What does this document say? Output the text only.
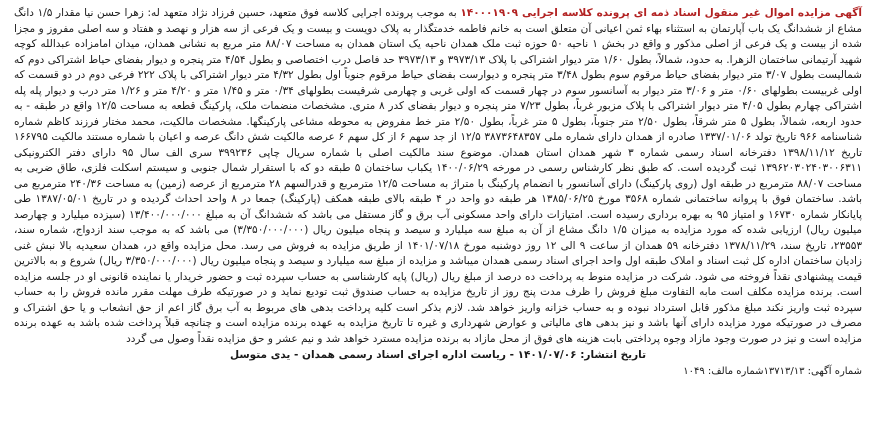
آگهی مزایده اموال غیر منقول اسناد ذمه ای پرونده کلاسه اجرایی ۱۴۰۰۰۱۹۰۹ به موجب پرونده اجرایی کلاسه فوق متعهد، حسین فرزاد نژاد متعهد له: زهرا حسن نیا مقدار ۱/۵ دانگ مشاع از ششدانگ یک باب آپارتمان به استثناء بهاء ثمن اعیانی آن متعلق است به خانم فاطمه خدمتگذار به پلاک دویست و بیست و یک فرعی از سه هزار و نهصد و هفتاد و سه اصلی مفروز و مجزا شده از بیست و یک فرعی از اصلی مذکور و واقع در بخش ۱ ناحیه ۵۰ حوزه ثبت ملک همدان ناحیه یک استان همدان به مساحت ۸۸/۰۷ متر مربع به نشانی همدان، میدان امامزاده عبدالله کوچه شهید آرتیمانی ساختمان الزهرا. به حدود، شمالاً، بطول ۱/۶۰ متر دیوار اشتراکی با پلاک ۳۹۷۳/۱۳ و ۳۹۷۳/۱۳ حد فاصل درب اختصاصی و بطول ۴/۵۴ متر پنجره و دیوار بفضای حیاط اشتراکی دوم که شمالیست بطول ۳/۰۷ متر دیوار بفضای حیاط مرقوم سوم بطول ۳/۴۸ متر پنجره و دیوارست بفضای حیاط مرقوم جنوباً اول بطول ۴/۳۲ متر دیوار اشتراکی با پلاک ۲۲۲ فرعی دوم در دو قسمت که اولی غربیست بطولهای ۰/۶۰ متر و ۳/۰۶ متر دیوار به آسانسور سوم در چهار قسمت که اولی غربی و چهارمی شرقیست بطولهای ۰/۳۴ متر و ۱/۴۵ متر و ۴/۲۰ متر و ۱/۲۶ متر درب و دیوار پله پله اشتراکی چهارم بطول ۴/۰۵ متر دیوار اشتراکی با پلاک مزبور غرباً، بطول ۷/۲۳ متر پنجره و دیوار بفضای کدر ۸ متری. مشخصات منضمات ملک، پارکینگ قطعه به مساحت ۱۲/۵ واقع در طبقه - به حدود اربعه، شمالاً، بطول ۵ متر شرقاً، بطول ۲/۵۰ متر جنوباً، بطول ۵ متر غرباً، بطول ۲/۵۰ متر خط مفروض به محوطه مشاعی پارکینگها. مشخصات مالکیت، محمد مختار فرزند کاظم شماره شناسنامه ۹۶۶ تاریخ تولد ۱۳۳۷/۰۱/۰۶ صادره از همدان دارای شماره ملی ۳۸۷۳۶۴۸۳۵۷ ۱۲/۵ از جد سهم ۶ از کل سهم ۶ عرصه مالکیت شش دانگ عرصه و اعیان با شماره مستند مالکیت ۱۶۶۷۹۵ تاریخ ۱۳۹۸/۱۱/۱۲ دفترخانه اسناد رسمی شماره ۳ شهر همدان استان همدان. موضوع سند مالکیت اصلی با شماره سریال چاپی ۳۹۹۲۳۶ سری الف سال ۹۵ دارای دفتر الکترونیکی ۱۳۹۶۲۰۳۰۲۴۰۳۰۰۶۳۱۱ ثبت گردیده است. که طبق نظر کارشناس رسمی در مورخه ۱۴۰۰/۰۶/۲۹ یکباب ساختمان ۵ طبقه دو که با استقرار شمال جنوبی و سیستم اسکلت فلزی، طاق ضربی به مساحت ۸۸/۰۷ مترمربع در طبقه اول (روی پارکینگ) دارای آسانسور با انضمام پارکینگ با متراژ به مساحت ۱۲/۵ مترمربع و قدرالسهم ۲۸ مترمربع از عرصه (زمین) به مساحت ۲۴۰/۳۶ مترمربع می باشد. ساختمان فوق با پروانه ساختمانی شماره ۳۵۶۸ مورخ ۱۳۸۵/۰۶/۲۵ هر طبقه دو واحد در ۴ طبقه بالای طبقه همکف (پارکینگ) جمعا در ۸ واحد احداث گردیده و در تاریخ ۱۳۸۷/۰۵/۰۱ طی پایانکار شماره ۱۶۷۳۰ و امتیاز ۹۵ به بهره برداری رسیده است. امتیازات دارای واحد مسکونی آب برق و گاز مستقل می باشد که ششدانگ آن به مبلغ ۱۳/۴۰۰/۰۰۰/۰۰۰ (سیزده میلیارد و چهارصد میلیون ریال) ارزیابی شده که مورد مزایده به میزان ۱/۵ دانگ مشاع از آن به مبلغ سه میلیارد و سیصد و پنجاه میلیون ریال (۳/۳۵۰/۰۰۰/۰۰۰) می باشد که به موجب سند ازدواج، شماره سند، ۲۳۵۵۳، تاریخ سند، ۱۳۷۸/۱۱/۲۹ دفترخانه ۵۹ همدان از ساعت ۹ الی ۱۲ روز دوشنبه مورخ ۱۴۰۱/۰۷/۱۸ از طریق مزایده به فروش می رسد. محل مزایده واقع در، همدان سعیدیه بالا نبش غنی زادیان ساختمان اداره کل ثبت اسناد و املاک طبقه اول واحد اجرای اسناد رسمی همدان میباشد و مزایده از مبلغ سه میلیارد و سیصد و پنجاه میلیون ریال (۳/۳۵۰/۰۰۰/۰۰۰ ریال) شروع و به بالاترین قیمت پیشنهادی نقداً فروخته می شود. شرکت در مزایده منوط به پرداخت ده درصد از مبلغ ریال (ریال) پایه کارشناسی به حساب سپرده ثبت و حضور خریدار یا نماینده قانونی او در جلسه مزایده است. برنده مزایده مکلف است مابه التفاوت مبلغ فروش را ظرف مدت پنج روز از تاریخ مزایده به حساب صندوق ثبت تودیع نماید و در صورتیکه طرف مهلت مقرر مانده فروش را به حساب سپرده ثبت واریز نکند مبلغ مذکور قابل استرداد نبوده و به حساب خزانه واریز خواهد شد. لازم بذکر است کلیه پرداخت بدهی های مربوط به آب برق گاز اعم از حق انشعاب و یا حق اشتراک و مصرف در صورتیکه مورد مزایده دارای آنها باشد و نیز بدهی های مالیاتی و عوارض شهرداری و غیره تا تاریخ مزایده به عهده برنده مزایده است و چنانچه قبلاً پرداخت شده باشد به عهده برنده مزایده است و نیز در صورت وجود مازاد وجوه پرداختی بابت هزینه های فوق از محل مازاد به برنده مزایده مسترد خواهد شد و نیم عشر و حق مزایده نقداً وصول می گردد
تاریخ انتشار: ۱۴۰۱/۰۷/۰۶ - ریاست اداره اجرای اسناد رسمی همدان - یدی متوسل
شماره آگهی: ۱۳۷۱۳/۱۳شماره مالف: ۱۰۴۹
